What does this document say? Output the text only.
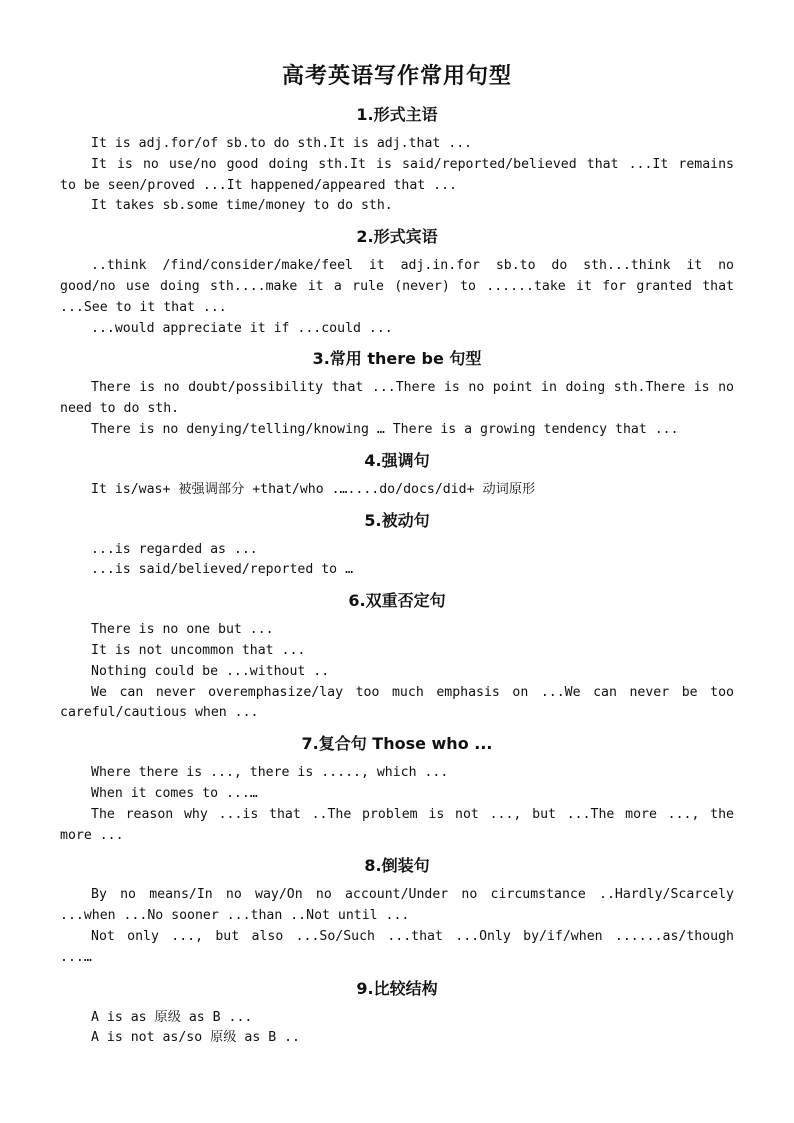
高考英语写作常用句型
1.形式主语

It is adj.for/of sb.to do sth.It is adj.that ...

It is no use/no good doing sth.It is said/reported/believed that ...It remains to be seen/proved ...It happened/appeared that ...

It takes sb.some time/money to do sth.

2.形式宾语

..think /find/consider/make/feel it adj.in.for sb.to do sth...think it no good/no use doing sth....make it a rule (never) to ......take it for granted that ...See to it that ...

...would appreciate it if ...could ...

3.常用 there be 句型

There is no doubt/possibility that ...There is no point in doing sth.There is no need to do sth.

There is no denying/telling/knowing … There is a growing tendency that ...

4.强调句

It is/was+ 被强调部分 +that/who .…....do/docs/did+ 动词原形

5.被动句

...is regarded as ...

...is said/believed/reported to …

6.双重否定句

There is no one but ...

It is not uncommon that ...

Nothing could be ...without ..

We can never overemphasize/lay too much emphasis on ...We can never be too careful/cautious when ...

7.复合句 Those who ...

Where there is ..., there is ....., which ...

When it comes to ...…

The reason why ...is that ..The problem is not ..., but ...The more ..., the more ...

8.倒装句

By no means/In no way/On no account/Under no circumstance ..Hardly/Scarcely ...when ...No sooner ...than ..Not until ...

Not only ..., but also ...So/Such ...that ...Only by/if/when ......as/though ...…

9.比较结构

A is as 原级 as B ...

A is not as/so 原级 as B ..
